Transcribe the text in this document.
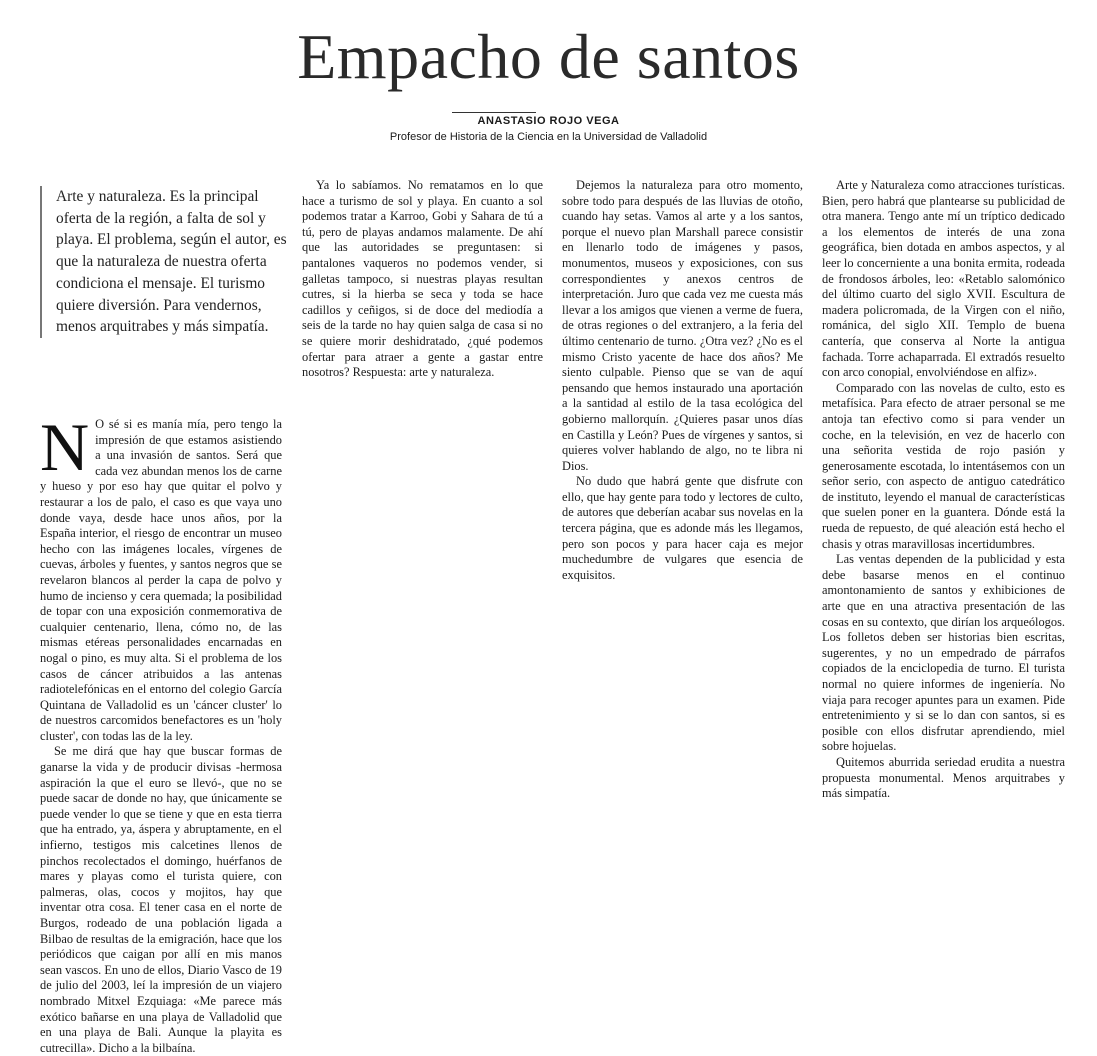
Empacho de santos
ANASTASIO ROJO VEGA
Profesor de Historia de la Ciencia en la Universidad de Valladolid
Arte y naturaleza. Es la principal oferta de la región, a falta de sol y playa. El problema, según el autor, es que la naturaleza de nuestra oferta condiciona el mensaje. El turismo quiere diversión. Para vendernos, menos arquitrabes y más simpatía.

N O sé si es manía mía, pero tengo la impresión de que estamos asistiendo a una invasión de santos. Será que cada vez abundan menos los de carne y hueso y por eso hay que quitar el polvo y restaurar a los de palo, el caso es que vaya uno donde vaya, desde hace unos años, por la España interior, el riesgo de encontrar un museo hecho con las imágenes locales, vírgenes de cuevas, árboles y fuentes, y santos negros que se revelaron blancos al perder la capa de polvo y humo de incienso y cera quemada; la posibilidad de topar con una exposición conmemorativa de cualquier centenario, llena, cómo no, de las mismas etéreas personalidades encarnadas en nogal o pino, es muy alta. Si el problema de los casos de cáncer atribuidos a las antenas radiotelefónicas en el entorno del colegio García Quintana de Valladolid es un 'cáncer cluster' lo de nuestros carcomidos benefactores es un 'holy cluster', con todas las de la ley.

Se me dirá que hay que buscar formas de ganarse la vida y de producir divisas -hermosa aspiración la que el euro se llevó-, que no se puede sacar de donde no hay, que únicamente se puede vender lo que se tiene y que en esta tierra que ha entrado, ya, áspera y abruptamente, en el infierno, testigos mis calcetines llenos de pinchos recolectados el domingo, huérfanos de mares y playas como el turista quiere, con palmeras, olas, cocos y mojitos, hay que inventar otra cosa. El tener casa en el norte de Burgos, rodeado de una población ligada a Bilbao de resultas de la emigración, hace que los periódicos que caigan por allí en mis manos sean vascos. En uno de ellos, Diario Vasco de 19 de julio del 2003, leí la impresión de un viajero nombrado Mitxel Ezquiaga: «Me parece más exótico bañarse en una playa de Valladolid que en una playa de Bali. Aunque la playita es cutrecilla». Dicho a la bilbaína.

Ya lo sabíamos. No rematamos en lo que hace a turismo de sol y playa. En cuanto a sol podemos tratar a Karroo, Gobi y Sahara de tú a tú, pero de playas andamos malamente. De ahí que las autoridades se preguntasen: si pantalones vaqueros no podemos vender, si galletas tampoco, si nuestras playas resultan cutres, si la hierba se seca y toda se hace cadillos y ceñigos, si de doce del mediodía a seis de la tarde no hay quien salga de casa si no se quiere morir deshidratado, ¿qué podemos ofertar para atraer a gente a gastar entre nosotros? Respuesta: arte y naturaleza.

Dejemos la naturaleza para otro momento, sobre todo para después de las lluvias de otoño, cuando hay setas. Vamos al arte y a los santos, porque el nuevo plan Marshall parece consistir en llenarlo todo de imágenes y pasos, monumentos, museos y exposiciones, con sus correspondientes y anexos centros de interpretación. Juro que cada vez me cuesta más llevar a los amigos que vienen a verme de fuera, de otras regiones o del extranjero, a la feria del último centenario de turno. ¿Otra vez? ¿No es el mismo Cristo yacente de hace dos años? Me siento culpable. Pienso que se van de aquí pensando que hemos instaurado una aportación a la santidad al estilo de la tasa ecológica del gobierno mallorquín. ¿Quieres pasar unos días en Castilla y León? Pues de vírgenes y santos, si quieres volver hablando de algo, no te libra ni Dios.

No dudo que habrá gente que disfrute con ello, que hay gente para todo y lectores de culto, de autores que deberían acabar sus novelas en la tercera página, que es adonde más les llegamos, pero son pocos y para hacer caja es mejor muchedumbre de vulgares que esencia de exquisitos.

Arte y Naturaleza como atracciones turísticas. Bien, pero habrá que plantearse su publicidad de otra manera. Tengo ante mí un tríptico dedicado a los elementos de interés de una zona geográfica, bien dotada en ambos aspectos, y al leer lo concerniente a una bonita ermita, rodeada de frondosos árboles, leo: «Retablo salomónico del último cuarto del siglo XVII. Escultura de madera policromada, de la Virgen con el niño, románica, del siglo XII. Templo de buena cantería, que conserva al Norte la antigua fachada. Torre achaparrada. El extradós resuelto con arco conopial, envolviéndose en alfiz».

Comparado con las novelas de culto, esto es metafísica. Para efecto de atraer personal se me antoja tan efectivo como si para vender un coche, en la televisión, en vez de hacerlo con una señorita vestida de rojo pasión y generosamente escotada, lo intentásemos con un señor serio, con aspecto de antiguo catedrático de instituto, leyendo el manual de características que suelen poner en la guantera. Dónde está la rueda de repuesto, de qué aleación está hecho el chasis y otras maravillosas incertidumbres.

Las ventas dependen de la publicidad y esta debe basarse menos en el continuo amontonamiento de santos y exhibiciones de arte que en una atractiva presentación de las cosas en su contexto, que dirían los arqueólogos. Los folletos deben ser historias bien escritas, sugerentes, y no un empedrado de párrafos copiados de la enciclopedia de turno. El turista normal no quiere informes de ingeniería. No viaja para recoger apuntes para un examen. Pide entretenimiento y si se lo dan con santos, si es posible con ellos disfrutar aprendiendo, miel sobre hojuelas.

Quitemos aburrida seriedad erudita a nuestra propuesta monumental. Menos arquitrabes y más simpatía.
